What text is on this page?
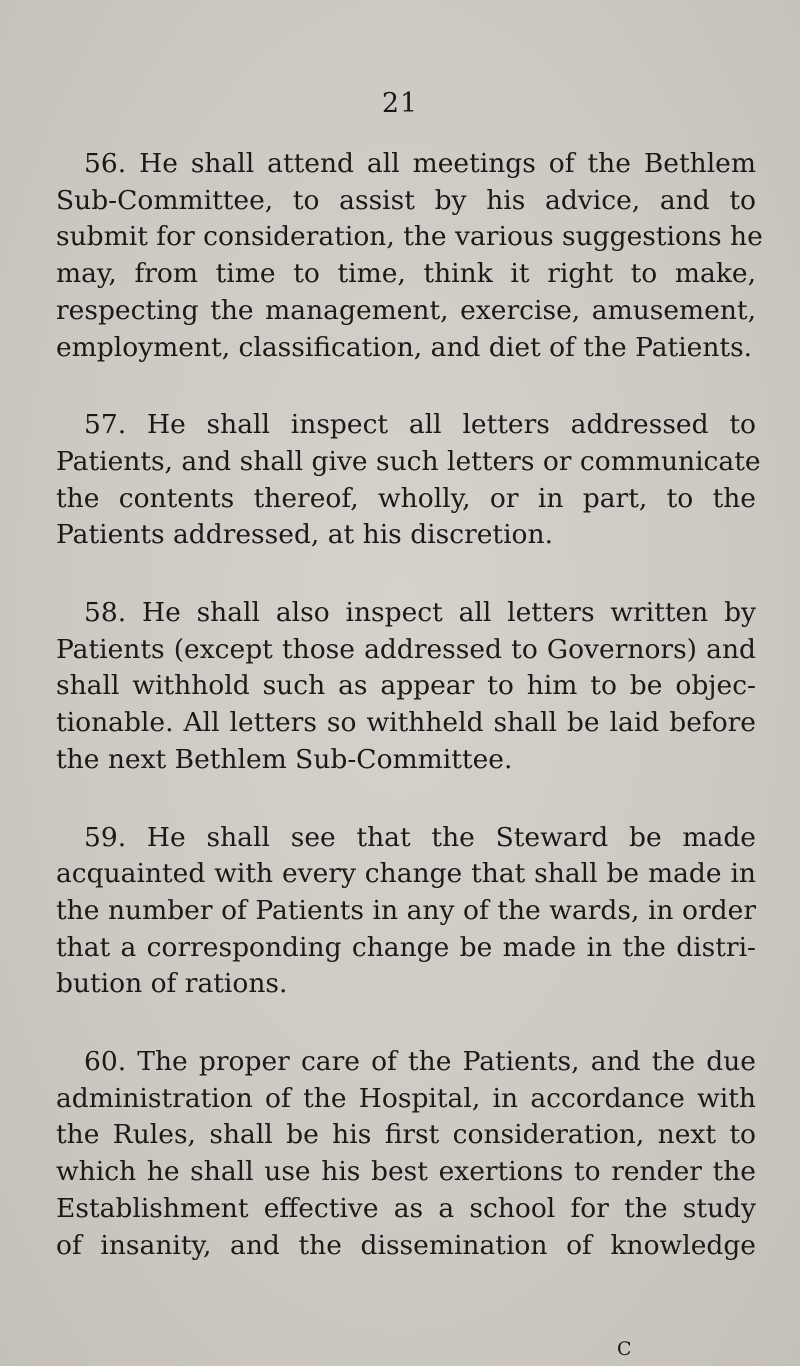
21
56. He shall attend all meetings of the Bethlem
Sub-Committee, to assist by his advice, and to
submit for consideration, the various suggestions he
may, from time to time, think it right to make,
respecting the management, exercise, amusement,
employment, classification, and diet of the Patients.
57. He shall inspect all letters addressed to
Patients, and shall give such letters or communicate
the contents thereof, wholly, or in part, to the
Patients addressed, at his discretion.
58. He shall also inspect all letters written by
Patients (except those addressed to Governors) and
shall withhold such as appear to him to be objec-
tionable. All letters so withheld shall be laid before
the next Bethlem Sub-Committee.
59. He shall see that the Steward be made
acquainted with every change that shall be made in
the number of Patients in any of the wards, in order
that a corresponding change be made in the distri-
bution of rations.
60. The proper care of the Patients, and the due
administration of the Hospital, in accordance with
the Rules, shall be his first consideration, next to
which he shall use his best exertions to render the
Establishment effective as a school for the study
of insanity, and the dissemination of knowledge
C
